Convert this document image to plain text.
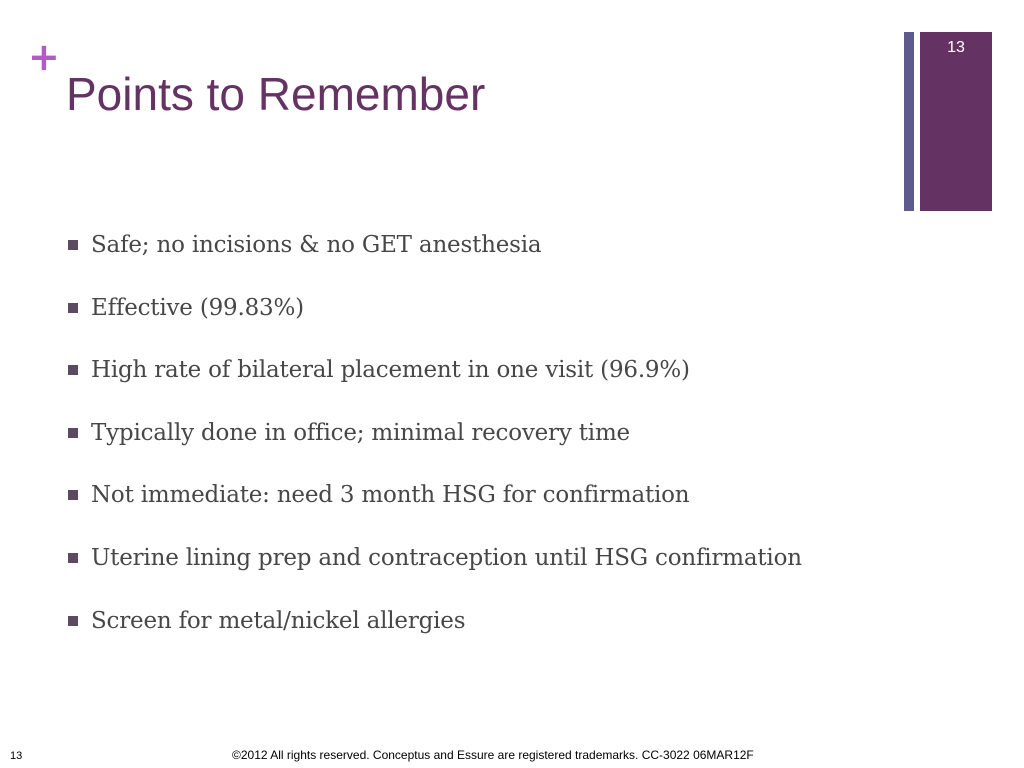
+
Points to Remember
13
Safe; no incisions & no GET anesthesia
Effective (99.83%)
High rate of bilateral placement in one visit (96.9%)
Typically done in office; minimal recovery time
Not immediate: need 3 month HSG for confirmation
Uterine lining prep and contraception until HSG confirmation
Screen for metal/nickel allergies
13	©2012 All rights reserved. Conceptus and Essure are registered trademarks. CC-3022 06MAR12F
